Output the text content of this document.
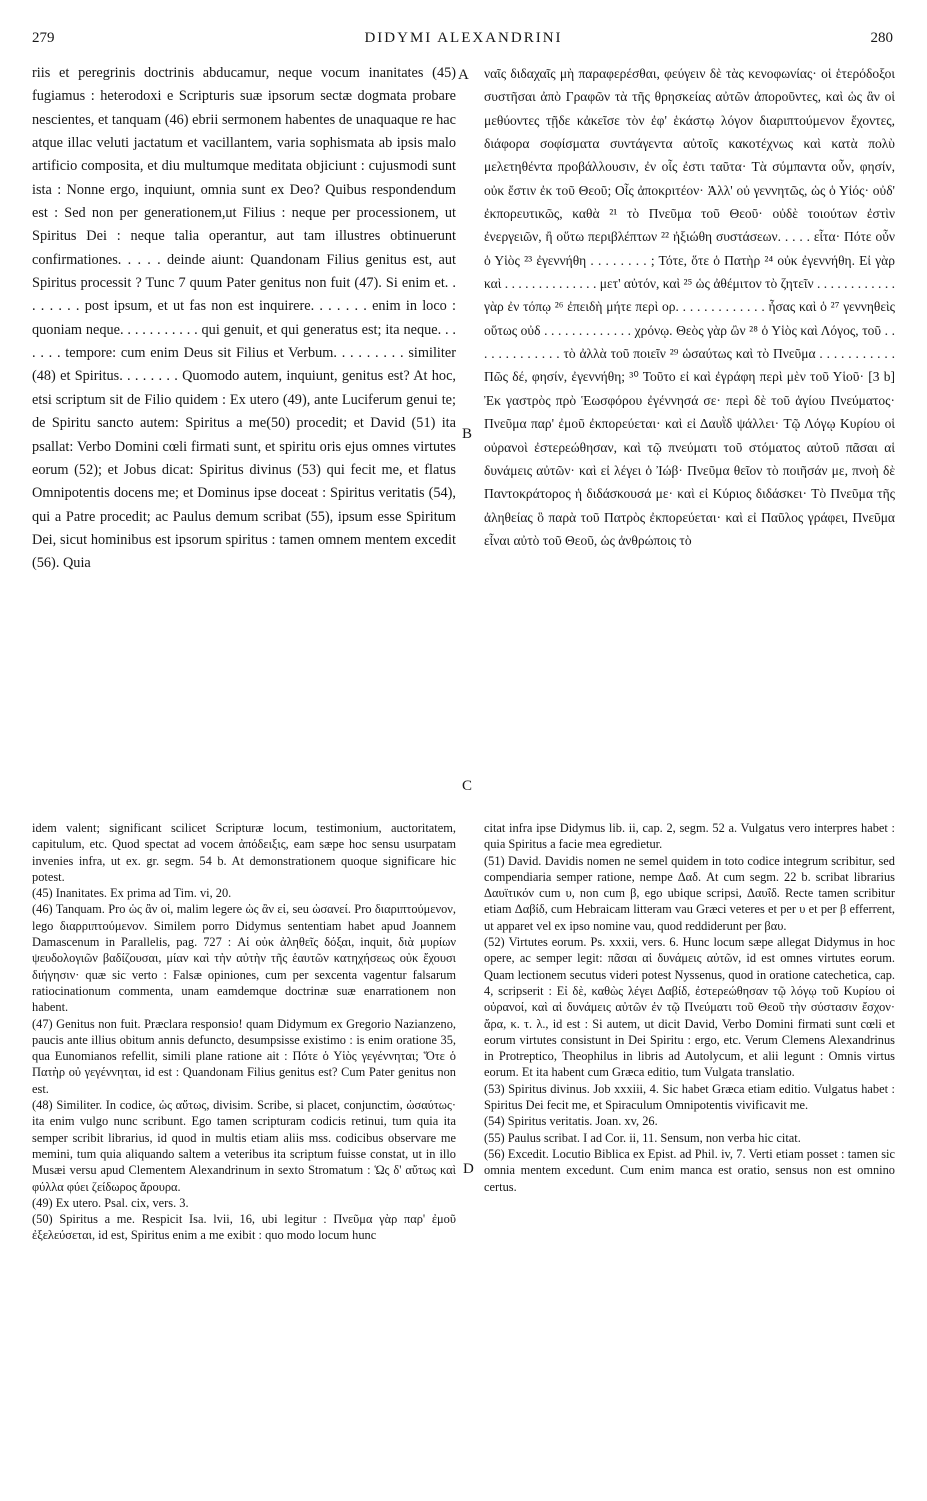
279	DIDYMI ALEXANDRINI	280

riis et peregrinis doctrinis abducamur, neque vocum inanitates (45) fugiamus : heterodoxi e Scripturis suæ ipsorum sectæ dogmata probare nescientes, et tanquam (46) ebrii sermonem habentes de unaquaque re hac atque illac veluti jactatum et vacillantem, varia sophismata ab ipsis malo artificio composita, et diu multumque meditata objiciunt : cujusmodi sunt ista : Nonne ergo, inquiunt, omnia sunt ex Deo? Quibus respondendum est : Sed non per generationem,ut Filius : neque per processionem, ut Spiritus Dei : neque talia operantur, aut tam illustres obtinuerunt confirmationes. . . . . deinde aiunt: Quandonam Filius genitus est, aut Spiritus processit ? Tunc 7 quum Pater genitus non fuit (47). Si enim et. . . . . . . . post ipsum, et ut fas non est inquirere. . . . . . . enim in loco : quoniam neque. . . . . . . . . . . qui genuit, et qui generatus est; ita neque. . . . . . . tempore: cum enim Deus sit Filius et Verbum. . . . . . . . . similiter (48) et Spiritus. . . . . . . . Quomodo autem, inquiunt, genitus est? At hoc, etsi scriptum sit de Filio quidem : Ex utero (49), ante Luciferum genui te; de Spiritu sancto autem: Spiritus a me(50) procedit; et David (51) ita psallat: Verbo Domini cœli firmati sunt, et spiritu oris ejus omnes virtutes eorum (52); et Jobus dicat: Spiritus divinus (53) qui fecit me, et flatus Omnipotentis docens me; et Dominus ipse doceat : Spiritus veritatis (54), qui a Patre procedit; ac Paulus demum scribat (55), ipsum esse Spiritum Dei, sicut hominibus est ipsorum spiritus : tamen omnem mentem excedit (56). Quia

ναῖς διδαχαῖς μὴ παραφερέσθαι, φεύγειν δὲ τὰς κενοφωνίας· οἱ ἑτερόδοξοι συστῆσαι ἀπὸ Γραφῶν τὰ τῆς θρησκείας αὐτῶν ἀποροῦντες, καὶ ὡς ἂν οἱ μεθύοντες τῇδε κἀκεῖσε τὸν ἐφ' ἑκάστῳ λόγον διαριπτούμενον ἔχοντες, διάφορα σοφίσματα συντάγεντα αὐτοῖς κακοτέχνως καὶ κατὰ πολὺ μελετηθέντα προβάλλουσιν, ἐν οἷς ἐστι ταῦτα· Τὰ σύμπαντα οὖν, φησίν, οὐκ ἔστιν ἐκ τοῦ Θεοῦ; Οἷς ἀποκριτέον· Ἀλλ' οὐ γεννητῶς, ὡς ὁ Υἱός· οὐδ' ἐκπορευτικῶς, καθὰ ²¹ τὸ Πνεῦμα τοῦ Θεοῦ· οὐδὲ τοιούτων ἐστὶν ἐνεργειῶν, ἢ οὕτω περιβλέπτων ²² ἠξιώθη συστάσεων. . . . . εἶτα· Πότε οὖν ὁ Υἱὸς ²³ ἐγεννήθη . . . . . . . . ; Τότε, ὅτε ὁ Πατὴρ ²⁴ οὐκ ἐγεννήθη. Εἰ γὰρ καὶ . . . . . . . . . . . . . . μετ' αὐτόν, καὶ ²⁵ ὡς ἀθέμιτον τὸ ζητεῖν . . . . . . . . . . . . γὰρ ἐν τόπῳ ²⁶ ἐπειδὴ μήτε περὶ ορ. . . . . . . . . . . . . ἦσας καὶ ὁ ²⁷ γεννηθεὶς οὕτως οὐδ . . . . . . . . . . . . . χρόνῳ. Θεὸς γὰρ ὢν ²⁸ ὁ Υἱὸς καὶ Λόγος, τοῦ . . . . . . . . . . . . . τὸ ἀλλὰ τοῦ ποιεῖν ²⁹ ὡσαύτως καὶ τὸ Πνεῦμα . . . . . . . . . . . Πῶς δέ, φησίν, ἐγεννήθη; ³⁰ Τοῦτο εἰ καὶ ἐγράφη περὶ μὲν τοῦ Υἱοῦ· [3 b] Ἐκ γαστρὸς πρὸ Ἑωσφόρου ἐγέννησά σε· περὶ δὲ τοῦ ἁγίου Πνεύματος· Πνεῦμα παρ' ἐμοῦ ἐκπορεύεται· καὶ εἰ Δαυῒδ ψάλλει· Τῷ Λόγῳ Κυρίου οἱ οὐρανοὶ ἐστερεώθησαν, καὶ τῷ πνεύματι τοῦ στόματος αὐτοῦ πᾶσαι αἱ δυνάμεις αὐτῶν· καὶ εἰ λέγει ὁ Ἰώβ· Πνεῦμα θεῖον τὸ ποιῆσάν με, πνοὴ δὲ Παντοκράτορος ἡ διδάσκουσά με· καὶ εἰ Κύριος διδάσκει· Τὸ Πνεῦμα τῆς ἀληθείας ὃ παρὰ τοῦ Πατρὸς ἐκπορεύεται· καὶ εἰ Παῦλος γράφει, Πνεῦμα εἶναι αὐτὸ τοῦ Θεοῦ, ὡς ἀνθρώποις τὸ

A
B
C
D
idem valent; significant scilicet Scripturæ locum, testimonium, auctoritatem, capitulum, etc. Quod spectat ad vocem ἀπόδειξις, eam sæpe hoc sensu usurpatam invenies infra, ut ex. gr. segm. 54 b. At demonstrationem quoque significare hic potest.
(45) Inanitates. Ex prima ad Tim. vi, 20.
(46) Tanquam. Pro ὡς ἂν οἱ, malim legere ὡς ἂν εἰ, seu ὡσανεί. Pro διαριπτούμενον, lego διαρριπτούμενον. Similem porro Didymus sententiam habet apud Joannem Damascenum in Parallelis, pag. 727 : Αἱ οὐκ ἀληθεῖς δόξαι, inquit, διὰ μυρίων ψευδολογιῶν βαδίζουσαι, μίαν καὶ τὴν αὐτὴν τῆς ἑαυτῶν κατηχήσεως οὐκ ἔχουσι διήγησιν· quæ sic verto : Falsæ opiniones, cum per sexcenta vagentur falsarum ratiocinationum commenta, unam eamdemque doctrinæ suæ enarrationem non habent.
(47) Genitus non fuit. Præclara responsio! quam Didymum ex Gregorio Nazianzeno, paucis ante illius obitum annis defuncto, desumpsisse existimo : is enim oratione 35, qua Eunomianos refellit, simili plane ratione ait : Πότε ὁ Υἱὸς γεγέννηται; Ὅτε ὁ Πατὴρ οὐ γεγέννηται, id est : Quandonam Filius genitus est? Cum Pater genitus non est.
(48) Similiter. In codice, ὡς αὔτως, divisim. Scribe, si placet, conjunctim, ὡσαύτως· ita enim vulgo nunc scribunt. Ego tamen scripturam codicis retinui, tum quia ita semper scribit librarius, id quod in multis etiam aliis mss. codicibus observare me memini, tum quia aliquando saltem a veteribus ita scriptum fuisse constat, ut in illo Musæi versu apud Clementem Alexandrinum in sexto Stromatum : Ὡς δ' αὔτως καὶ φύλλα φύει ζείδωρος ἄρουρα.
(49) Ex utero. Psal. cix, vers. 3.
(50) Spiritus a me. Respicit Isa. lvii, 16, ubi legitur : Πνεῦμα γὰρ παρ' ἐμοῦ ἐξελεύσεται, id est, Spiritus enim a me exibit : quo modo locum hunc
citat infra ipse Didymus lib. ii, cap. 2, segm. 52 a. Vulgatus vero interpres habet : quia Spiritus a facie mea egredietur.
(51) David. Davidis nomen ne semel quidem in toto codice integrum scribitur, sed compendiaria semper ratione, nempe Δαδ. At cum segm. 22 b. scribat librarius Δαυϊτικόν cum υ, non cum β, ego ubique scripsi, Δαυΐδ. Recte tamen scribitur etiam Δαβίδ, cum Hebraicam litteram vau Græci veteres et per υ et per β efferrent, ut apparet vel ex ipso nomine vau, quod reddiderunt per βαυ.
(52) Virtutes eorum. Ps. xxxii, vers. 6. Hunc locum sæpe allegat Didymus in hoc opere, ac semper legit: πᾶσαι αἱ δυνάμεις αὐτῶν, id est omnes virtutes eorum. Quam lectionem secutus videri potest Nyssenus, quod in oratione catechetica, cap. 4, scripserit : Εἰ δὲ, καθὼς λέγει Δαβίδ, ἐστερεώθησαν τῷ λόγῳ τοῦ Κυρίου οἱ οὐρανοί, καὶ αἱ δυνάμεις αὐτῶν ἐν τῷ Πνεύματι τοῦ Θεοῦ τὴν σύστασιν ἔσχον· ἄρα, κ. τ. λ., id est : Si autem, ut dicit David, Verbo Domini firmati sunt cœli et eorum virtutes consistunt in Dei Spiritu : ergo, etc. Verum Clemens Alexandrinus in Protreptico, Theophilus in libris ad Autolycum, et alii legunt : Omnis virtus eorum. Et ita habent cum Græca editio, tum Vulgata translatio.
(53) Spiritus divinus. Job xxxiii, 4. Sic habet Græca etiam editio. Vulgatus habet : Spiritus Dei fecit me, et Spiraculum Omnipotentis vivificavit me.
(54) Spiritus veritatis. Joan. xv, 26.
(55) Paulus scribat. I ad Cor. ii, 11. Sensum, non verba hic citat.
(56) Excedit. Locutio Biblica ex Epist. ad Phil. iv, 7. Verti etiam posset : tamen sic omnia mentem excedunt. Cum enim manca est oratio, sensus non est omnino certus.
